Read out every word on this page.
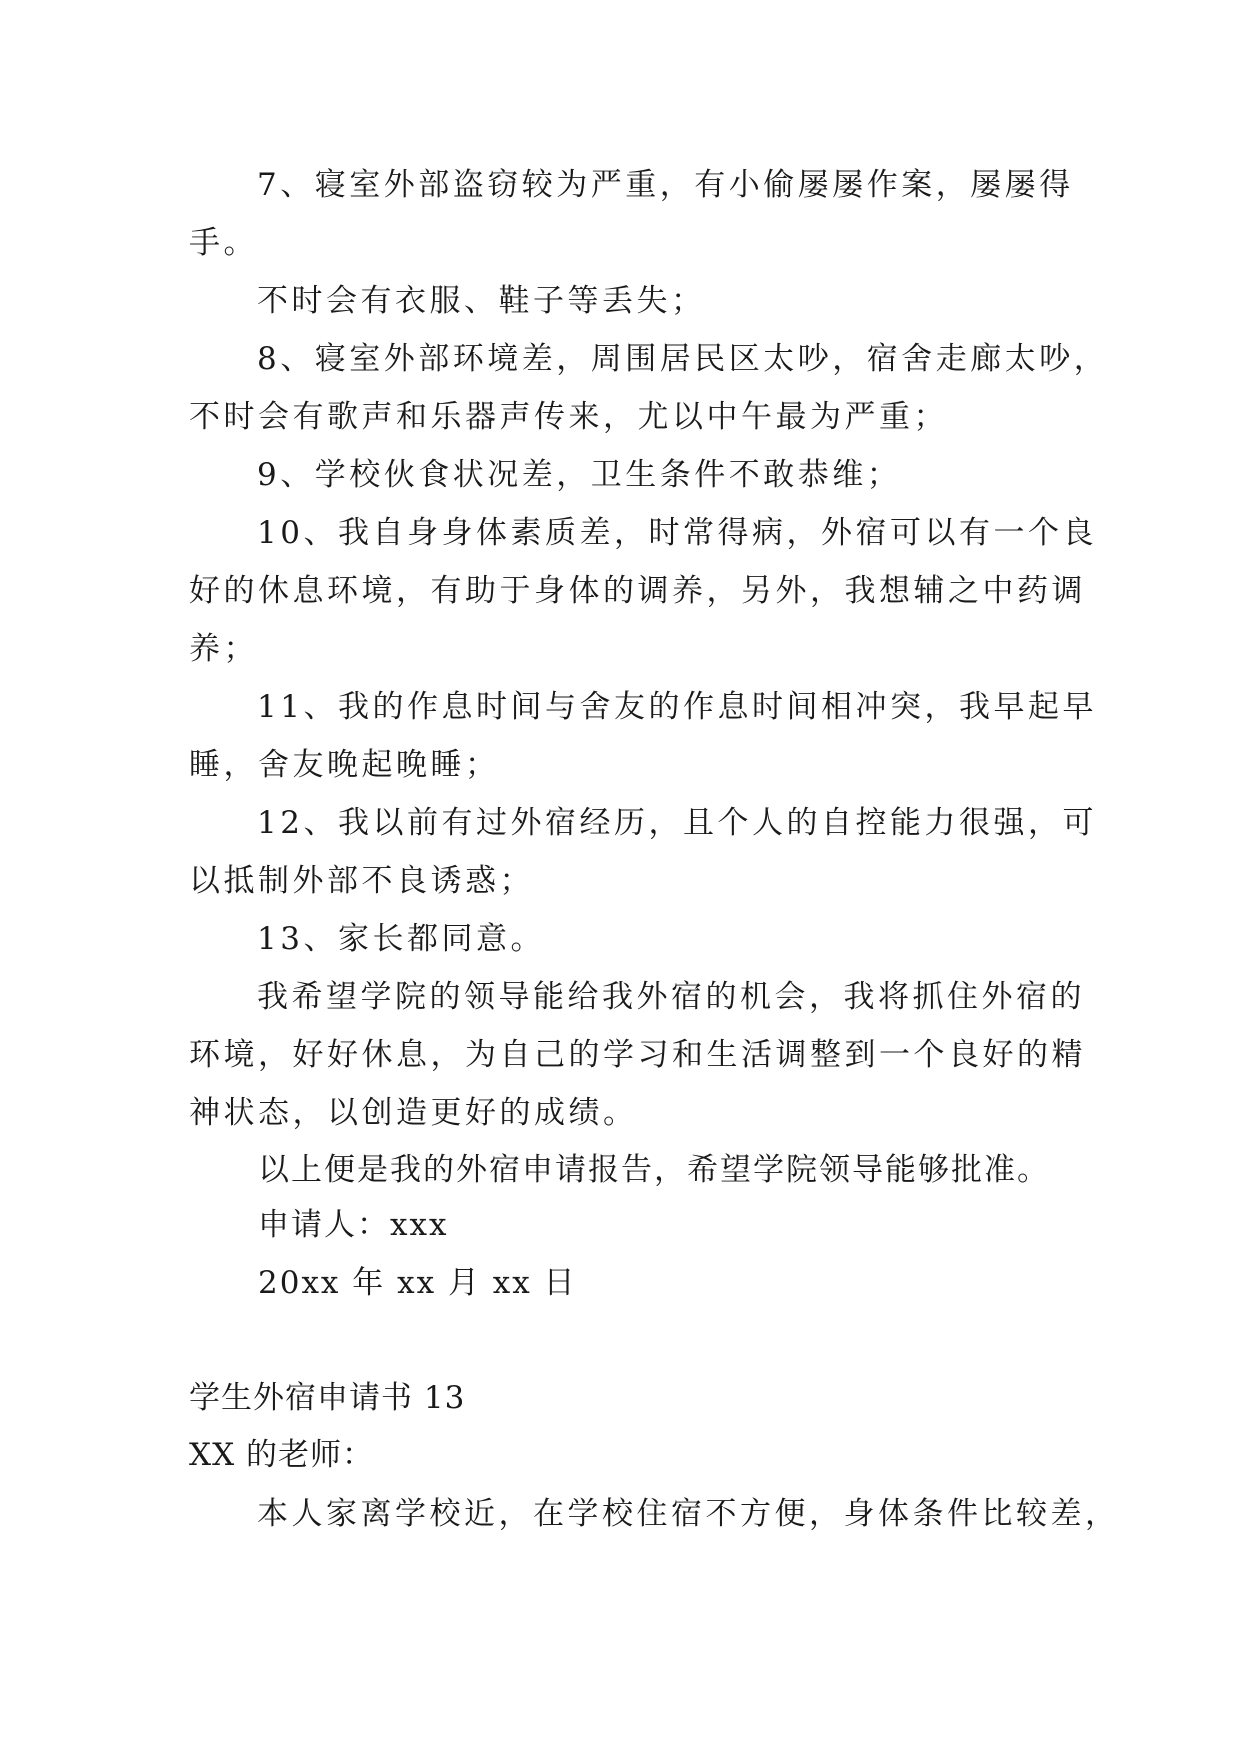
7、寝室外部盗窃较为严重，有小偷屡屡作案，屡屡得

手。

不时会有衣服、鞋子等丢失；

8、寝室外部环境差，周围居民区太吵，宿舍走廊太吵，

不时会有歌声和乐器声传来，尤以中午最为严重；

9、学校伙食状况差，卫生条件不敢恭维；

10、我自身身体素质差，时常得病，外宿可以有一个良

好的休息环境，有助于身体的调养，另外，我想辅之中药调

养；

11、我的作息时间与舍友的作息时间相冲突，我早起早

睡，舍友晚起晚睡；

12、我以前有过外宿经历，且个人的自控能力很强，可

以抵制外部不良诱惑；

13、家长都同意。

我希望学院的领导能给我外宿的机会，我将抓住外宿的

环境，好好休息，为自己的学习和生活调整到一个良好的精

神状态，以创造更好的成绩。

以上便是我的外宿申请报告，希望学院领导能够批准。

申请人：xxx

20xx 年 xx 月 xx 日

学生外宿申请书 13

XX 的老师：

本人家离学校近，在学校住宿不方便，身体条件比较差，
